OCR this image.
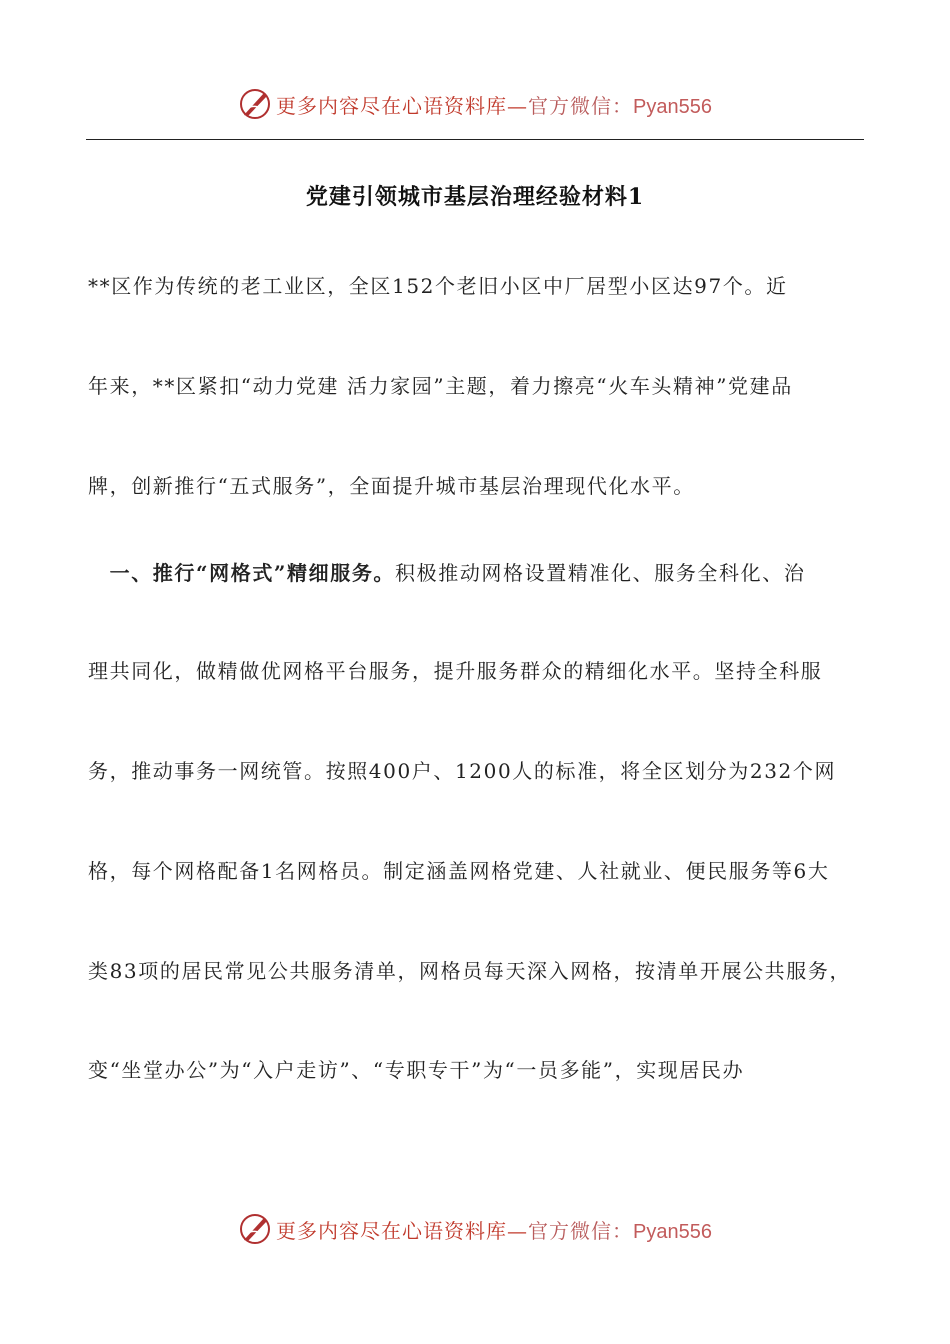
更多内容尽在心语资料库—官方微信：Pyan556
党建引领城市基层治理经验材料1
**区作为传统的老工业区，全区152个老旧小区中厂居型小区达97个。近
年来，**区紧扣“动力党建 活力家园”主题，着力擦亮“火车头精神”党建品
牌，创新推行“五式服务”，全面提升城市基层治理现代化水平。
 一、推行“网格式”精细服务。积极推动网格设置精准化、服务全科化、治
理共同化，做精做优网格平台服务，提升服务群众的精细化水平。坚持全科服
务，推动事务一网统管。按照400户、1200人的标准，将全区划分为232个网
格，每个网格配备1名网格员。制定涵盖网格党建、人社就业、便民服务等6大
类83项的居民常见公共服务清单，网格员每天深入网格，按清单开展公共服务，
变“坐堂办公”为“入户走访”、“专职专干”为“一员多能”，实现居民办
更多内容尽在心语资料库—官方微信：Pyan556
